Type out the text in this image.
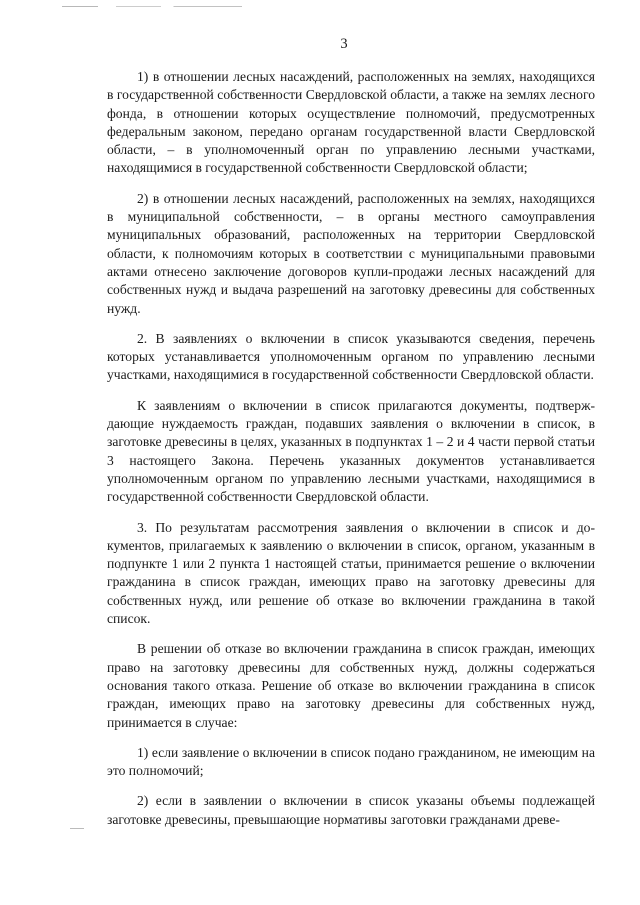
3

1) в отношении лесных насаждений, расположенных на землях, находящихся в государственной собственности Свердловской области, а также на землях лесного фонда, в отношении которых осуществление полномочий, предусмотренных федеральным законом, передано органам государственной власти Свердловской области, – в уполномоченный орган по управлению лесными участками, находящимися в государственной собственности Свердловской области;

2) в отношении лесных насаждений, расположенных на землях, находящихся в муниципальной собственности, – в органы местного самоуправления муниципальных образований, расположенных на территории Свердловской области, к полномочиям которых в соответствии с муниципальными правовыми актами отнесено заключение договоров купли-продажи лесных насаждений для собственных нужд и выдача разрешений на заготовку древесины для собственных нужд.

2. В заявлениях о включении в список указываются сведения, перечень которых устанавливается уполномоченным органом по управлению лесными участками, находящимися в государственной собственности Свердловской области.

К заявлениям о включении в список прилагаются документы, подтверждающие нуждаемость граждан, подавших заявления о включении в список, в заготовке древесины в целях, указанных в подпунктах 1 – 2 и 4 части первой статьи 3 настоящего Закона. Перечень указанных документов устанавливается уполномоченным органом по управлению лесными участками, находящимися в государственной собственности Свердловской области.

3. По результатам рассмотрения заявления о включении в список и документов, прилагаемых к заявлению о включении в список, органом, указанным в подпункте 1 или 2 пункта 1 настоящей статьи, принимается решение о включении гражданина в список граждан, имеющих право на заготовку древесины для собственных нужд, или решение об отказе во включении гражданина в такой список.

В решении об отказе во включении гражданина в список граждан, имеющих право на заготовку древесины для собственных нужд, должны содержаться основания такого отказа. Решение об отказе во включении гражданина в список граждан, имеющих право на заготовку древесины для собственных нужд, принимается в случае:

1) если заявление о включении в список подано гражданином, не имеющим на это полномочий;

2) если в заявлении о включении в список указаны объемы подлежащей заготовке древесины, превышающие нормативы заготовки гражданами древе-
